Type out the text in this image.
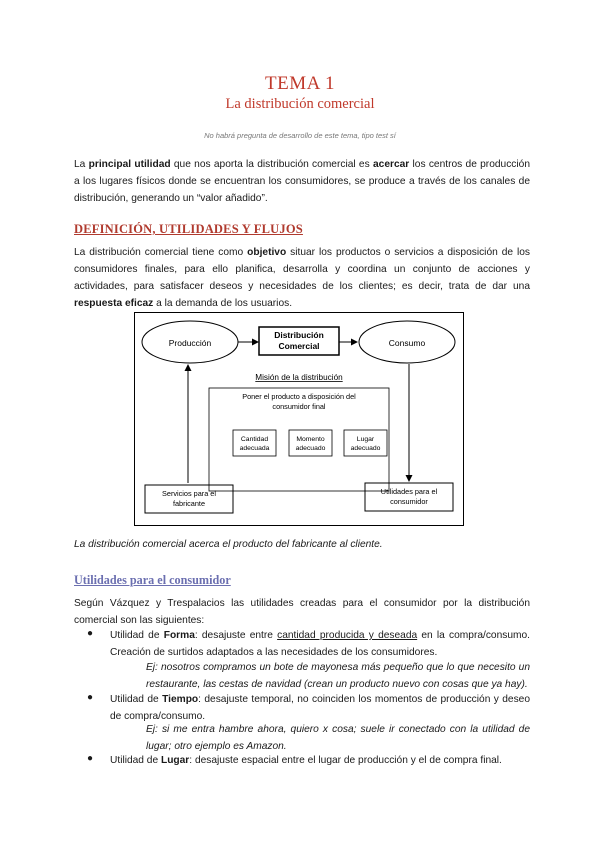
TEMA 1
La distribución comercial
No habrá pregunta de desarrollo de este tema, tipo test sí

La principal utilidad que nos aporta la distribución comercial es acercar los centros de producción a los lugares físicos donde se encuentran los consumidores, se produce a través de los canales de distribución, generando un “valor añadido”.

DEFINICIÓN, UTILIDADES Y FLUJOS

La distribución comercial tiene como objetivo situar los productos o servicios a disposición de los consumidores finales, para ello planifica, desarrolla y coordina un conjunto de acciones y actividades, para satisfacer deseos y necesidades de los clientes; es decir, trata de dar una respuesta eficaz a la demanda de los usuarios.

Producción	Consumo
Distribución
Comercial
Misión de la distribución
Poner el producto a disposición del
consumidor final
Cantidad
adecuada
Momento
adecuado
Lugar
adecuado
Servicios para el
fabricante
Utilidades para el
consumidor
La distribución comercial acerca el producto del fabricante al cliente.
Utilidades para el consumidor

Según Vázquez y Trespalacios las utilidades creadas para el consumidor por la distribución comercial son las siguientes:

● Utilidad de Forma: desajuste entre cantidad producida y deseada en la compra/consumo. Creación de surtidos adaptados a las necesidades de los consumidores.

Ej: nosotros compramos un bote de mayonesa más pequeño que lo que necesito un restaurante, las cestas de navidad (crean un producto nuevo con cosas que ya hay).

● Utilidad de Tiempo: desajuste temporal, no coinciden los momentos de producción y deseo de compra/consumo.

Ej: si me entra hambre ahora, quiero x cosa; suele ir conectado con la utilidad de lugar; otro ejemplo es Amazon.

● Utilidad de Lugar: desajuste espacial entre el lugar de producción y el de compra final.
